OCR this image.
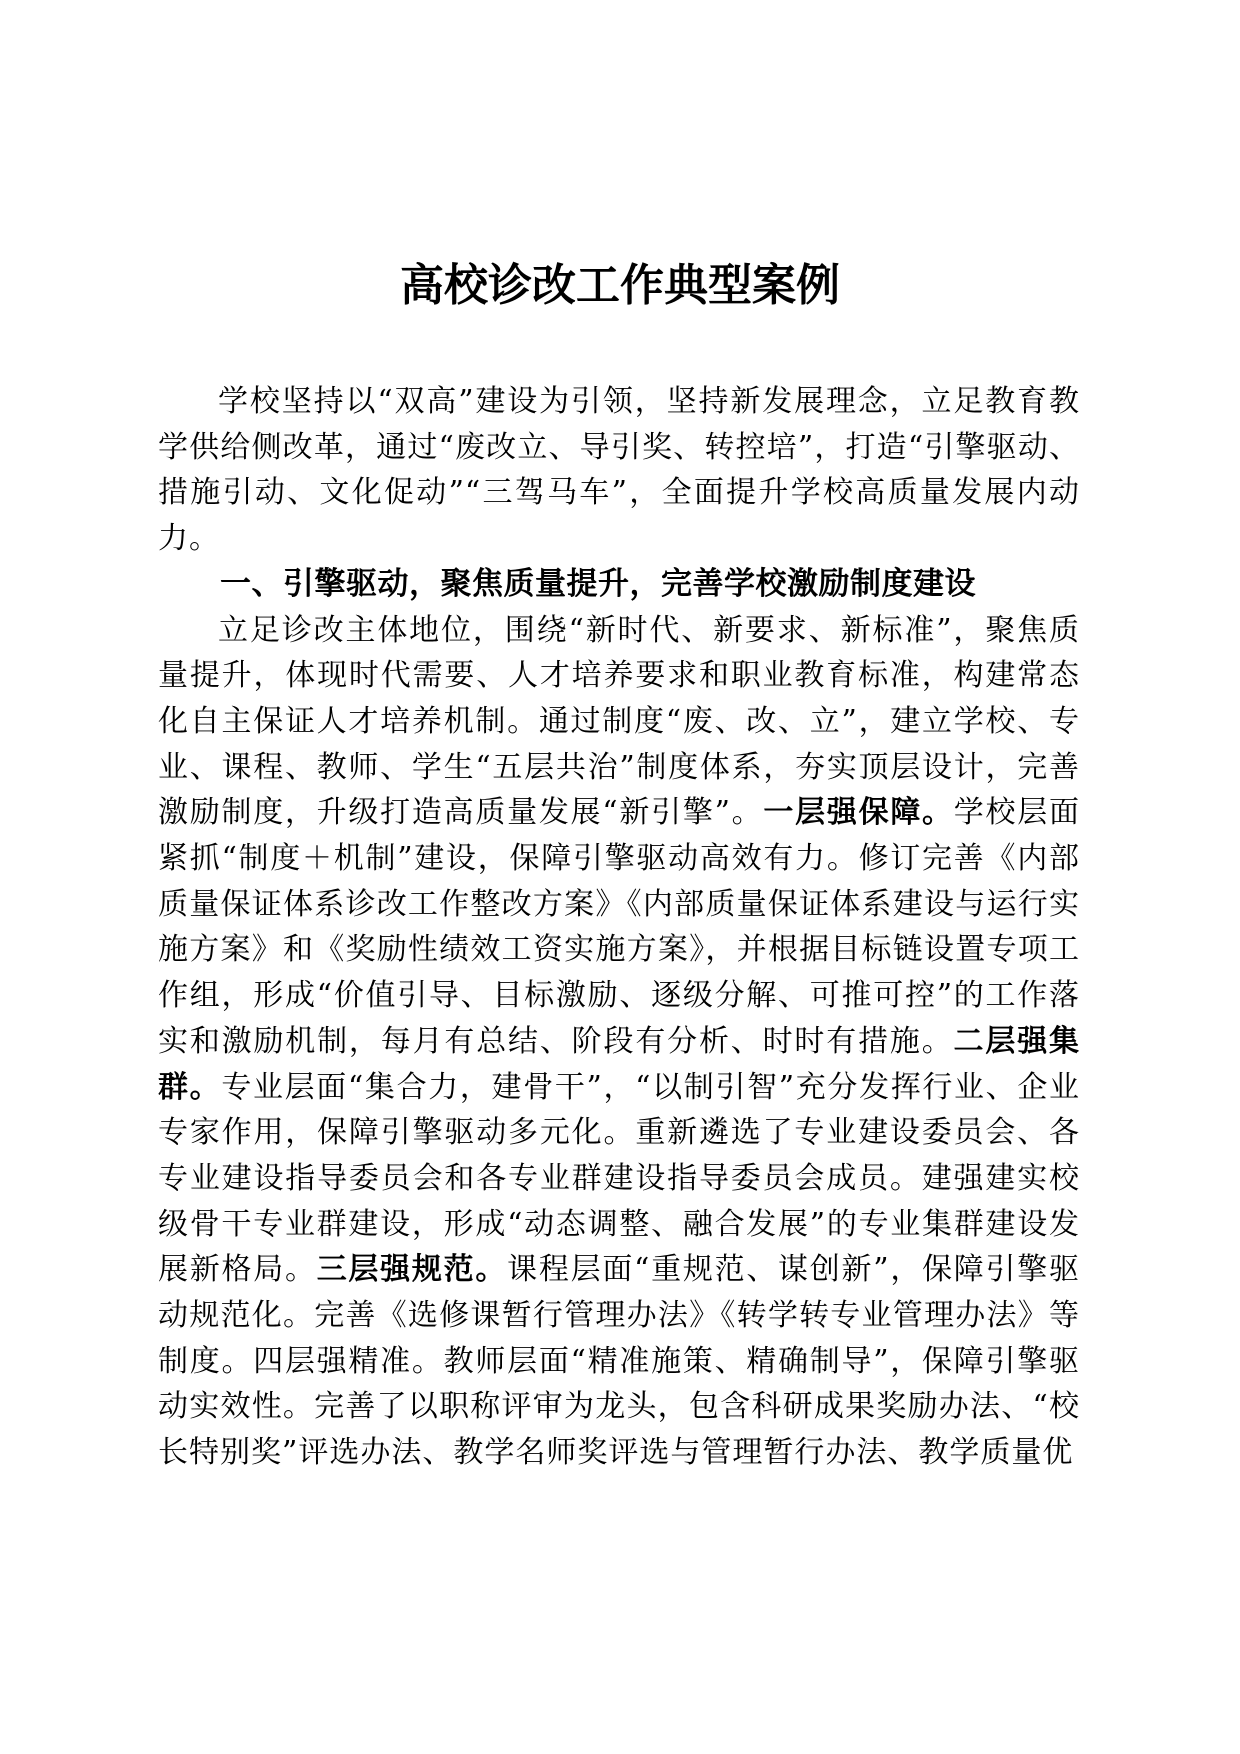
高校诊改工作典型案例

学校坚持以“双高”建设为引领，坚持新发展理念，立足教育教学供给侧改革，通过“废改立、导引奖、转控培”，打造“引擎驱动、措施引动、文化促动”“三驾马车”，全面提升学校高质量发展内动力。

一、引擎驱动，聚焦质量提升，完善学校激励制度建设

立足诊改主体地位，围绕“新时代、新要求、新标准”，聚焦质量提升，体现时代需要、人才培养要求和职业教育标准，构建常态化自主保证人才培养机制。通过制度“废、改、立”，建立学校、专业、课程、教师、学生“五层共治”制度体系，夯实顶层设计，完善激励制度，升级打造高质量发展“新引擎”。一层强保障。学校层面紧抓“制度＋机制”建设，保障引擎驱动高效有力。修订完善《内部质量保证体系诊改工作整改方案》《内部质量保证体系建设与运行实施方案》和《奖励性绩效工资实施方案》，并根据目标链设置专项工作组，形成“价值引导、目标激励、逐级分解、可推可控”的工作落实和激励机制，每月有总结、阶段有分析、时时有措施。二层强集群。专业层面“集合力，建骨干”，“以制引智”充分发挥行业、企业专家作用，保障引擎驱动多元化。重新遴选了专业建设委员会、各专业建设指导委员会和各专业群建设指导委员会成员。建强建实校级骨干专业群建设，形成“动态调整、融合发展”的专业集群建设发展新格局。三层强规范。课程层面“重规范、谋创新”，保障引擎驱动规范化。完善《选修课暂行管理办法》《转学转专业管理办法》等制度。四层强精准。教师层面“精准施策、精确制导”，保障引擎驱动实效性。完善了以职称评审为龙头，包含科研成果奖励办法、“校长特别奖”评选办法、教学名师奖评选与管理暂行办法、教学质量优
